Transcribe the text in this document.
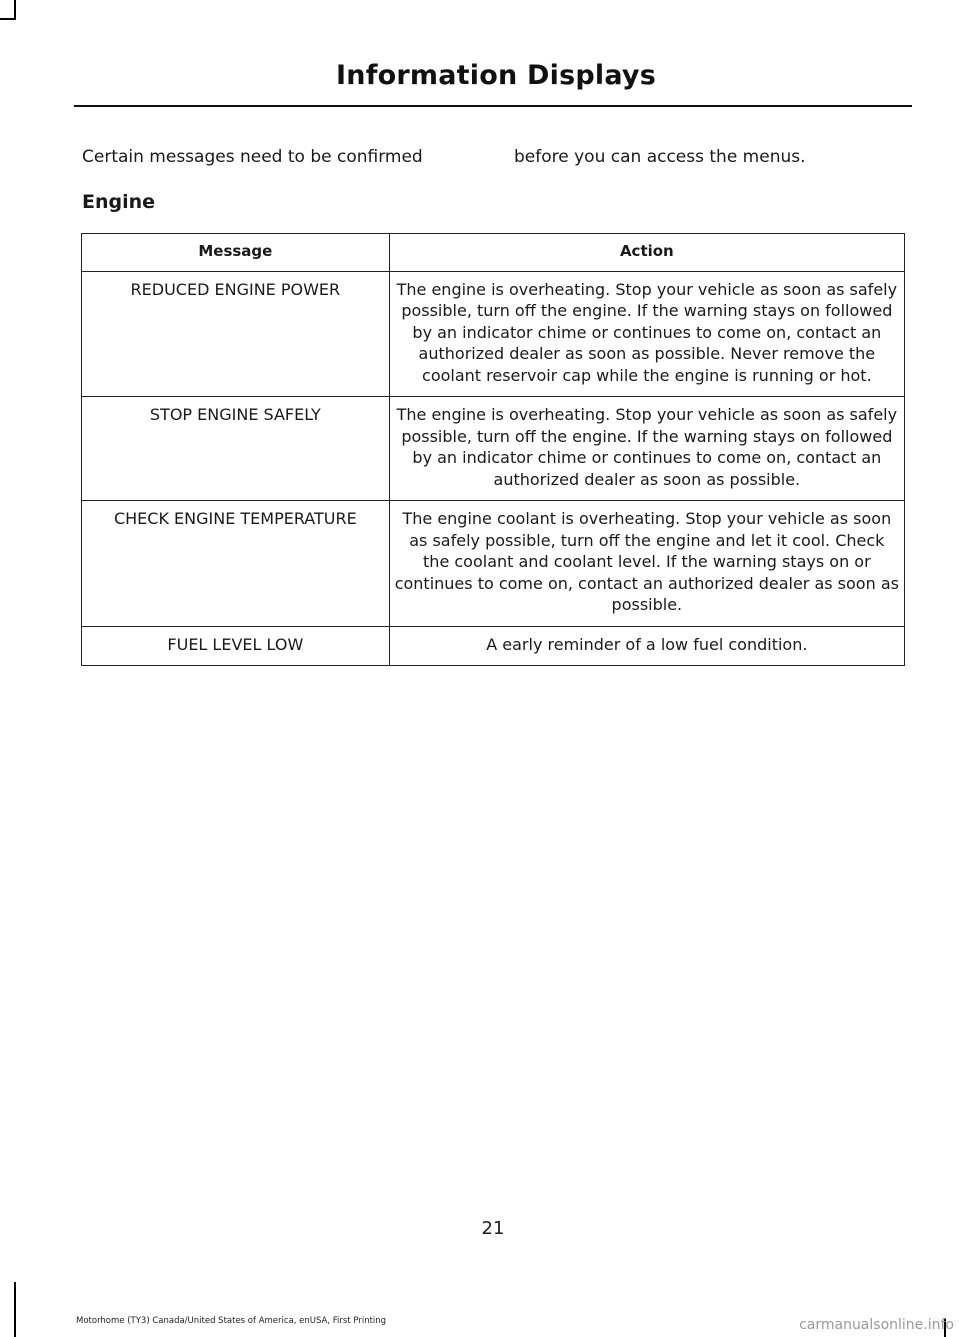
Information Displays
Certain messages need to be confirmed	before you can access the menus.
Engine
Message	Action
REDUCED ENGINE POWER	The engine is overheating. Stop your vehicle as soon as safely possible, turn off the engine. If the warning stays on followed by an indicator chime or continues to come on, contact an authorized dealer as soon as possible. Never remove the coolant reservoir cap while the engine is running or hot.
STOP ENGINE SAFELY	The engine is overheating. Stop your vehicle as soon as safely possible, turn off the engine. If the warning stays on followed by an indicator chime or continues to come on, contact an authorized dealer as soon as possible.
CHECK ENGINE TEMPERATURE	The engine coolant is overheating. Stop your vehicle as soon as safely possible, turn off the engine and let it cool. Check the coolant and coolant level. If the warning stays on or continues to come on, contact an authorized dealer as soon as possible.
FUEL LEVEL LOW	A early reminder of a low fuel condition.
21
Motorhome (TY3) Canada/United States of America, enUSA, First Printing	carmanualsonline.info
